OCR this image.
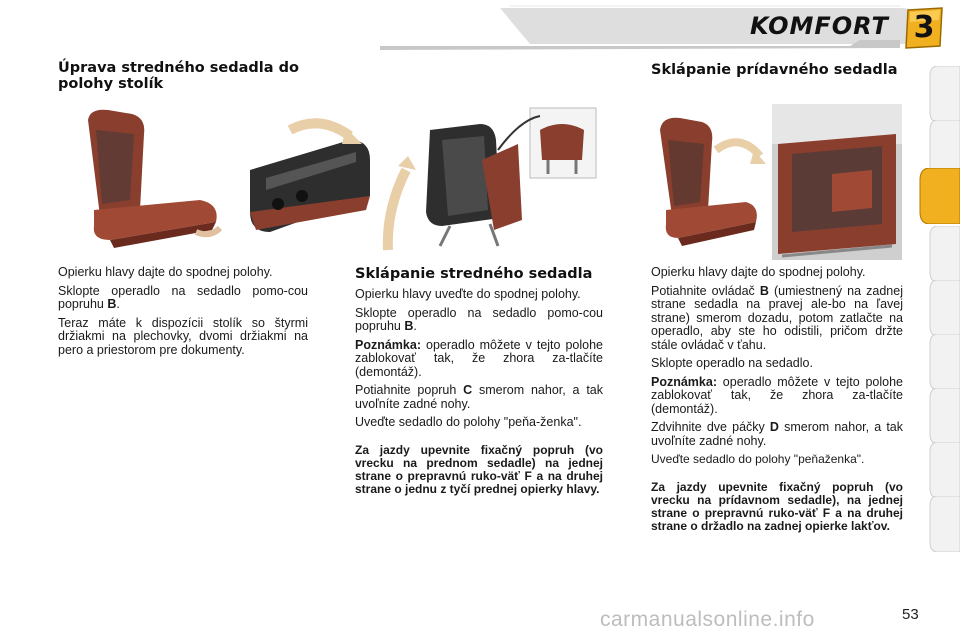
KOMFORT 3
Úprava stredného sedadla do polohy stolík
Sklápanie prídavného sedadla
Sklápanie stredného sedadla

Opierku hlavy dajte do spodnej polohy.

Sklopte operadlo na sedadlo pomo-cou popruhu B.

Teraz máte k dispozícii stolík so štyrmi držiakmi na plechovky, dvomi držiakmi na pero a priestorom pre dokumenty.

Opierku hlavy uveďte do spodnej polohy.

Sklopte operadlo na sedadlo pomo-cou popruhu B.

Poznámka: operadlo môžete v tejto polohe zablokovať tak, že zhora za-tlačíte (demontáž).

Potiahnite popruh C smerom nahor, a tak uvoľníte zadné nohy.

Uveďte sedadlo do polohy "peňa-ženka".

Za jazdy upevnite fixačný popruh (vo vrecku na prednom sedadle) na jednej strane o prepravnú ruko-väť F a na druhej strane o jednu z tyčí prednej opierky hlavy.

Opierku hlavy dajte do spodnej polohy.

Potiahnite ovládač B (umiestnený na zadnej strane sedadla na pravej ale-bo na ľavej strane) smerom dozadu, potom zatlačte na operadlo, aby ste ho odistili, pričom držte stále ovládač v ťahu.

Sklopte operadlo na sedadlo.

Poznámka: operadlo môžete v tejto polohe zablokovať tak, že zhora za-tlačíte (demontáž).

Zdvihnite dve páčky D smerom nahor, a tak uvoľníte zadné nohy.

Uveďte sedadlo do polohy "peňaženka".

Za jazdy upevnite fixačný popruh (vo vrecku na prídavnom sedadle), na jednej strane o prepravnú ruko-väť F a na druhej strane o držadlo na zadnej opierke lakťov.

carmanualsonline.info	53
